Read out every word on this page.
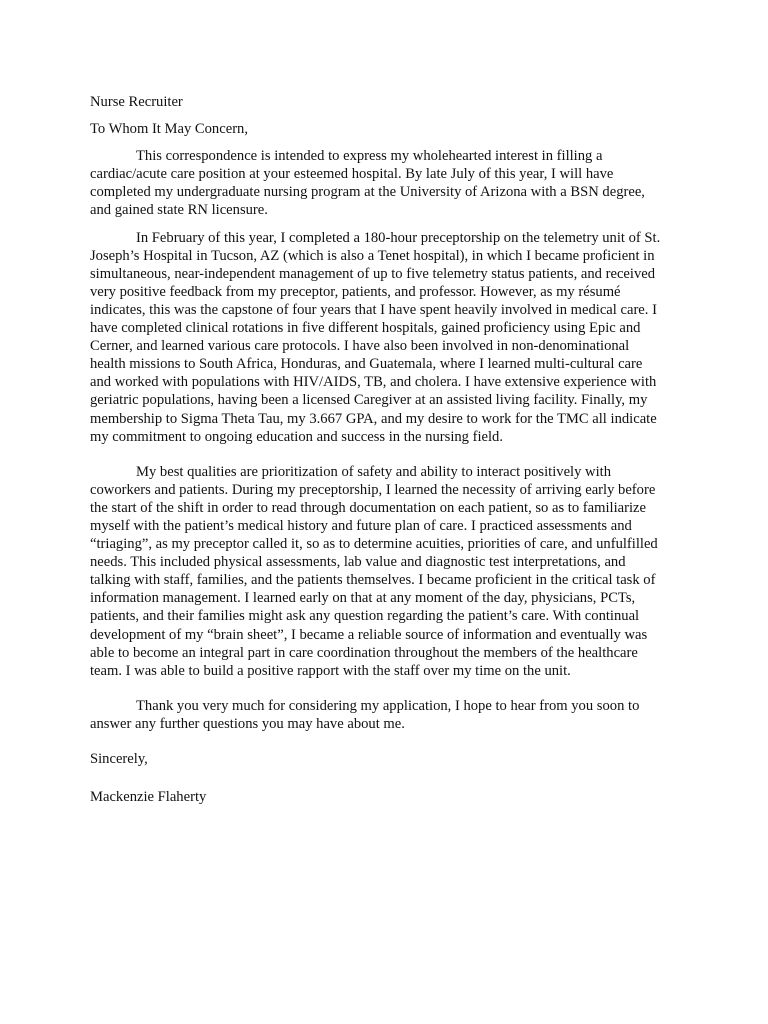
Nurse Recruiter
To Whom It May Concern,
This correspondence is intended to express my wholehearted interest in filling a
cardiac/acute care position at your esteemed hospital. By late July of this year, I will have
completed my undergraduate nursing program at the University of Arizona with a BSN degree,
and gained state RN licensure.
In February of this year, I completed a 180-hour preceptorship on the telemetry unit of St.
Joseph’s Hospital in Tucson, AZ (which is also a Tenet hospital), in which I became proficient in
simultaneous, near-independent management of up to five telemetry status patients, and received
very positive feedback from my preceptor, patients, and professor. However, as my résumé
indicates, this was the capstone of four years that I have spent heavily involved in medical care. I
have completed clinical rotations in five different hospitals, gained proficiency using Epic and
Cerner, and learned various care protocols. I have also been involved in non-denominational
health missions to South Africa, Honduras, and Guatemala, where I learned multi-cultural care
and worked with populations with HIV/AIDS, TB, and cholera. I have extensive experience with
geriatric populations, having been a licensed Caregiver at an assisted living facility. Finally, my
membership to Sigma Theta Tau, my 3.667 GPA, and my desire to work for the TMC all indicate
my commitment to ongoing education and success in the nursing field.
My best qualities are prioritization of safety and ability to interact positively with
coworkers and patients. During my preceptorship, I learned the necessity of arriving early before
the start of the shift in order to read through documentation on each patient, so as to familiarize
myself with the patient’s medical history and future plan of care. I practiced assessments and
“triaging”, as my preceptor called it, so as to determine acuities, priorities of care, and unfulfilled
needs. This included physical assessments, lab value and diagnostic test interpretations, and
talking with staff, families, and the patients themselves. I became proficient in the critical task of
information management. I learned early on that at any moment of the day, physicians, PCTs,
patients, and their families might ask any question regarding the patient’s care. With continual
development of my “brain sheet”, I became a reliable source of information and eventually was
able to become an integral part in care coordination throughout the members of the healthcare
team. I was able to build a positive rapport with the staff over my time on the unit.
Thank you very much for considering my application, I hope to hear from you soon to
answer any further questions you may have about me.
Sincerely,
Mackenzie Flaherty
